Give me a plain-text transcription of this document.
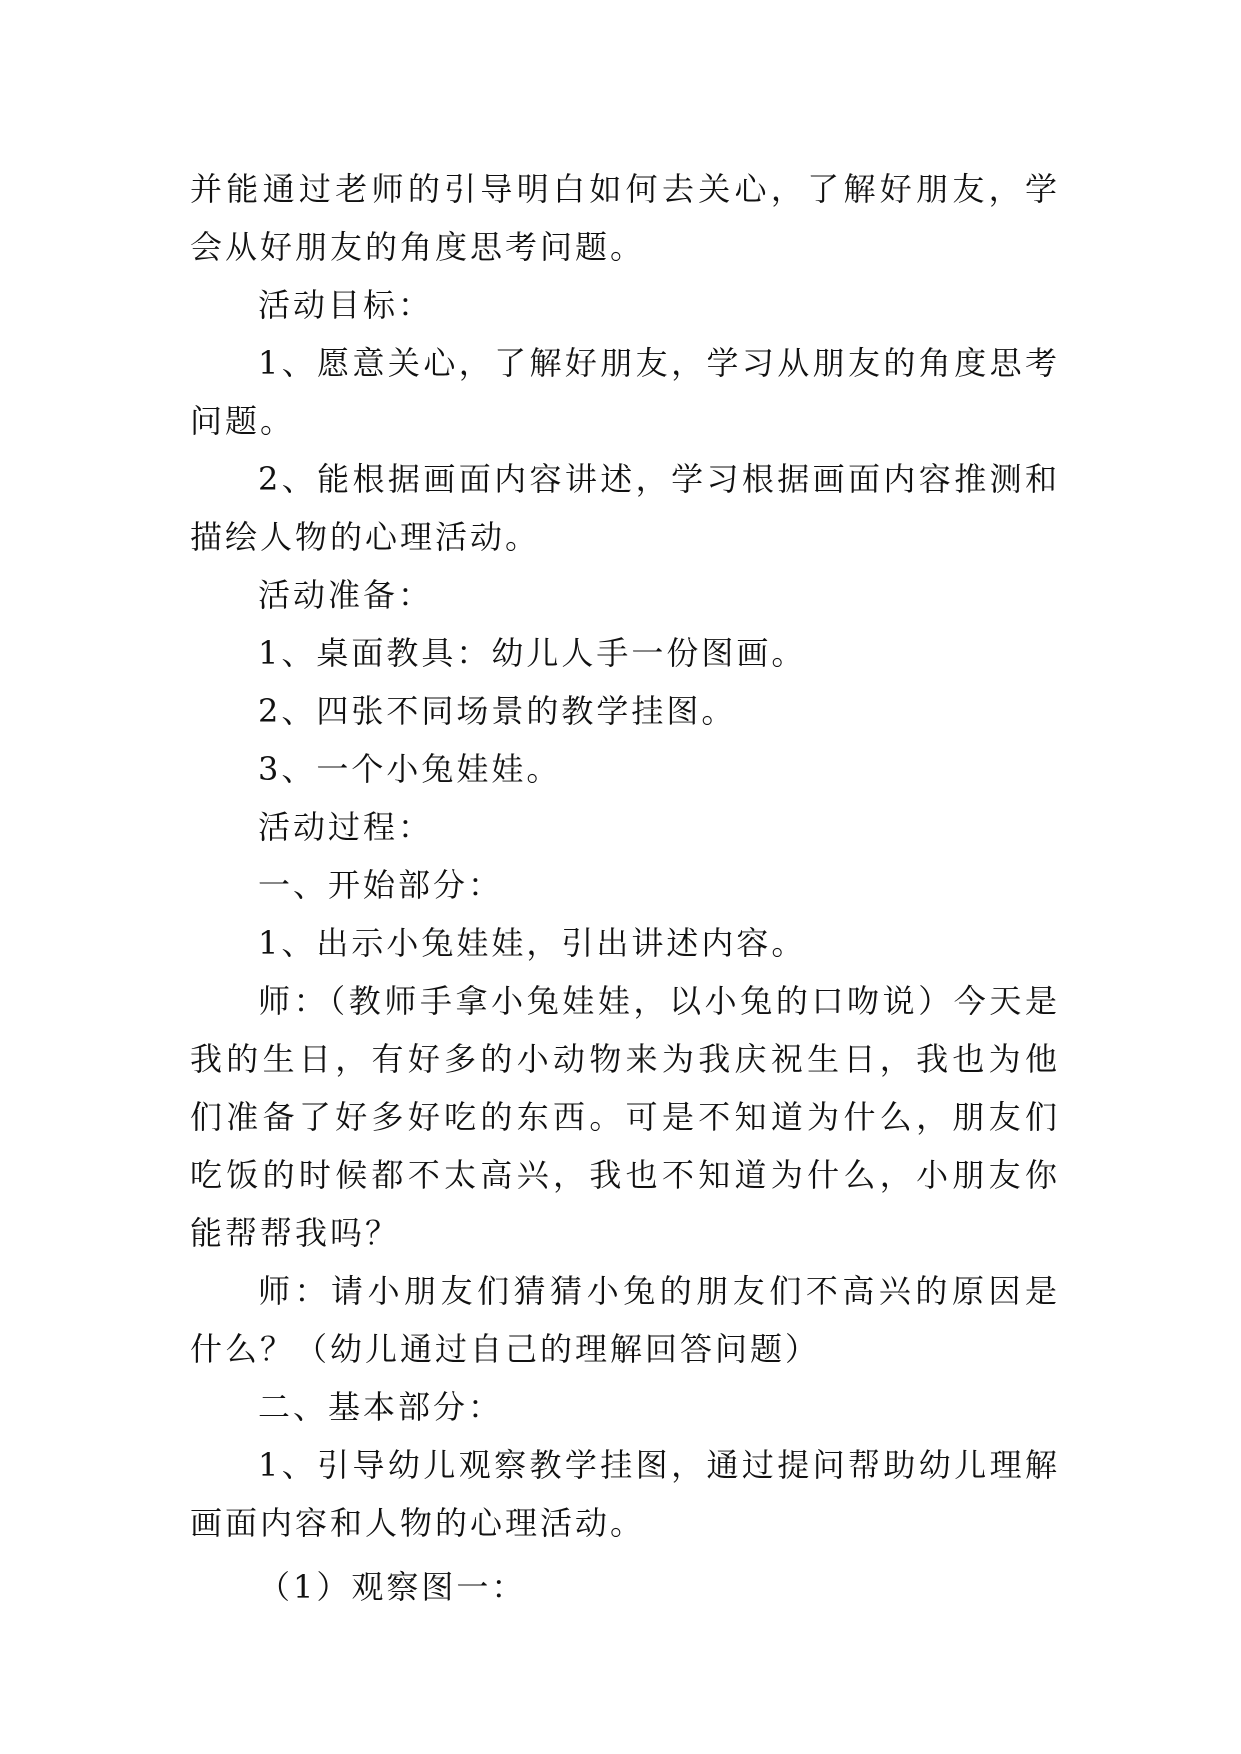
并能通过老师的引导明白如何去关心，了解好朋友，学会从好朋友的角度思考问题。

活动目标：

1、愿意关心，了解好朋友，学习从朋友的角度思考问题。

2、能根据画面内容讲述，学习根据画面内容推测和描绘人物的心理活动。

活动准备：

1、桌面教具：幼儿人手一份图画。

2、四张不同场景的教学挂图。

3、一个小兔娃娃。

活动过程：

一、开始部分：

1、出示小兔娃娃，引出讲述内容。

师：（教师手拿小兔娃娃，以小兔的口吻说）今天是我的生日，有好多的小动物来为我庆祝生日，我也为他们准备了好多好吃的东西。可是不知道为什么，朋友们吃饭的时候都不太高兴，我也不知道为什么，小朋友你能帮帮我吗？

师：请小朋友们猜猜小兔的朋友们不高兴的原因是什么？（幼儿通过自己的理解回答问题）

二、基本部分：

1、引导幼儿观察教学挂图，通过提问帮助幼儿理解画面内容和人物的心理活动。

（1）观察图一：
